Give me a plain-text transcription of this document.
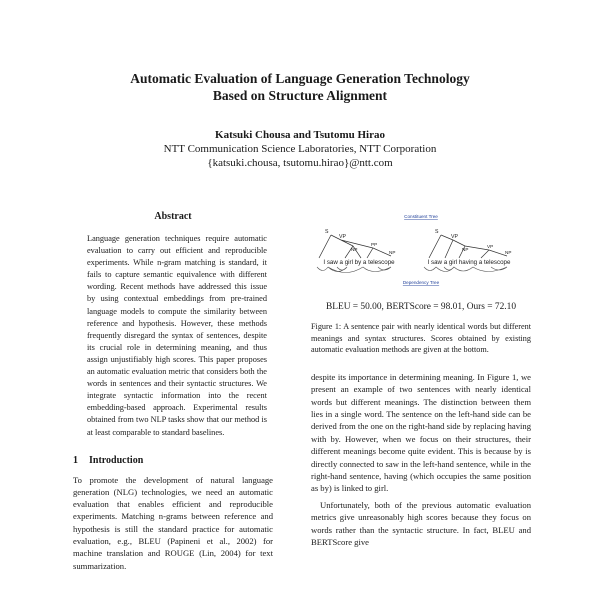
Automatic Evaluation of Language Generation Technology
Based on Structure Alignment
Katsuki Chousa and Tsutomu Hirao
NTT Communication Science Laboratories, NTT Corporation
{katsuki.chousa, tsutomu.hirao}@ntt.com
Abstract
Language generation techniques require automatic evaluation to carry out efficient and reproducible experiments. While n-gram matching is standard, it fails to capture semantic equivalence with different wording. Recent methods have addressed this issue by using contextual embeddings from pre-trained language models to compute the similarity between reference and hypothesis. However, these methods frequently disregard the syntax of sentences, despite its crucial role in determining meaning, and thus assign unjustifiably high scores. This paper proposes an automatic evaluation metric that considers both the words in sentences and their syntactic structures. We integrate syntactic information into the recent embedding-based approach. Experimental results obtained from two NLP tasks show that our method is at least comparable to standard baselines.
1 Introduction
To promote the development of natural language generation (NLG) technologies, we need an automatic evaluation that enables efficient and reproducible experiments. Matching n-grams between reference and hypothesis is still the standard practice for automatic evaluation, e.g., BLEU (Papineni et al., 2002) for machine translation and ROUGE (Lin, 2004) for text summarization.
Constituent Tree
S
VP
NP
PP
NP
S
VP
NP
VP
NP
I saw a girl by a telescope	I saw a girl having a telescope
Dependency Tree
BLEU = 50.00, BERTScore = 98.01, Ours = 72.10
Figure 1: A sentence pair with nearly identical words but different meanings and syntax structures. Scores obtained by existing automatic evaluation methods are given at the bottom.

despite its importance in determining meaning. In Figure 1, we present an example of two sentences with nearly identical words but different meanings. The distinction between them lies in a single word. The sentence on the left-hand side can be derived from the one on the right-hand side by replacing having with by. However, when we focus on their structures, their different meanings become quite evident. This is because by is directly connected to saw in the left-hand sentence, while in the right-hand sentence, having (which occupies the same position as by) is linked to girl.

Unfortunately, both of the previous automatic evaluation metrics give unreasonably high scores because they focus on words rather than the syntactic structure. In fact, BLEU and BERTScore give
